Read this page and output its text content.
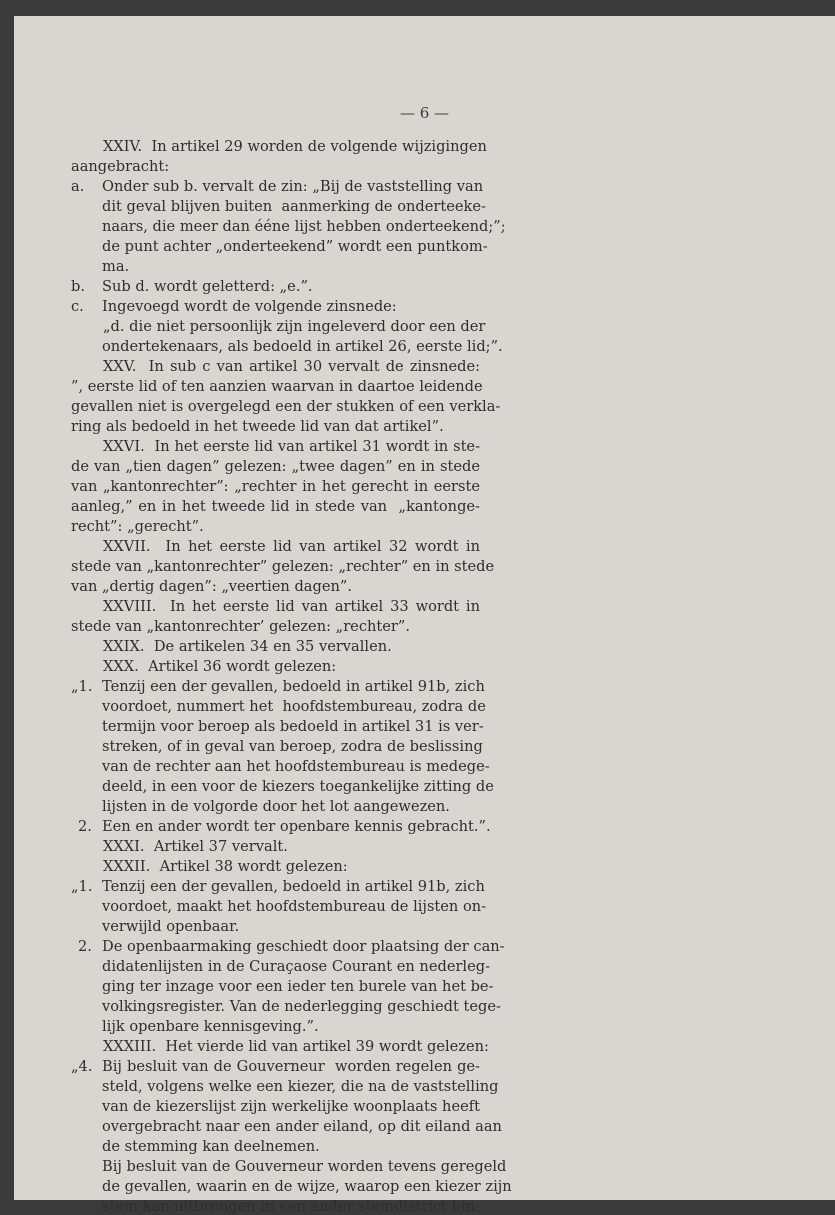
— 6 —
XXIV.  In artikel 29 worden de volgende wijzigingen
aangebracht:
a. Onder sub b. vervalt de zin: „Bij de vaststelling van
dit geval blijven buiten  aanmerking de onderteeke-
naars, die meer dan ééne lijst hebben onderteekend;”;
de punt achter „onderteekend” wordt een puntkom-
ma.
b. Sub d. wordt geletterd: „e.”.
c. Ingevoegd wordt de volgende zinsnede:
„d. die niet persoonlijk zijn ingeleverd door een der
ondertekenaars, als bedoeld in artikel 26, eerste lid;”.
XXV.  In sub c van artikel 30 vervalt de zinsnede:
”, eerste lid of ten aanzien waarvan in daartoe leidende
gevallen niet is overgelegd een der stukken of een verkla-
ring als bedoeld in het tweede lid van dat artikel”.
XXVI.  In het eerste lid van artikel 31 wordt in ste-
de van „tien dagen” gelezen: „twee dagen” en in stede
van „kantonrechter”: „rechter in het gerecht in eerste
aanleg,” en in het tweede lid in stede van  „kantonge-
recht”: „gerecht”.
XXVII.  In het eerste lid van artikel 32 wordt in
stede van „kantonrechter” gelezen: „rechter” en in stede
van „dertig dagen”: „veertien dagen”.
XXVIII.  In het eerste lid van artikel 33 wordt in
stede van „kantonrechter’ gelezen: „rechter”.
XXIX.  De artikelen 34 en 35 vervallen.
XXX.  Artikel 36 wordt gelezen:
„1. Tenzij een der gevallen, bedoeld in artikel 91b, zich
voordoet, nummert het  hoofdstembureau, zodra de
termijn voor beroep als bedoeld in artikel 31 is ver-
streken, of in geval van beroep, zodra de beslissing
van de rechter aan het hoofdstembureau is medege-
deeld, in een voor de kiezers toegankelijke zitting de
lijsten in de volgorde door het lot aangewezen.
2. Een en ander wordt ter openbare kennis gebracht.”.
XXXI.  Artikel 37 vervalt.
XXXII.  Artikel 38 wordt gelezen:
„1. Tenzij een der gevallen, bedoeld in artikel 91b, zich
voordoet, maakt het hoofdstembureau de lijsten on-
verwijld openbaar.
2. De openbaarmaking geschiedt door plaatsing der can-
didatenlijsten in de Curaçaose Courant en nederleg-
ging ter inzage voor een ieder ten burele van het be-
volkingsregister. Van de nederlegging geschiedt tege-
lijk openbare kennisgeving.”.
XXXIII.  Het vierde lid van artikel 39 wordt gelezen:
„4. Bij besluit van de Gouverneur  worden regelen ge-
steld, volgens welke een kiezer, die na de vaststelling
van de kiezerslijst zijn werkelijke woonplaats heeft
overgebracht naar een ander eiland, op dit eiland aan
de stemming kan deelnemen.
Bij besluit van de Gouverneur worden tevens geregeld
de gevallen, waarin en de wijze, waarop een kiezer zijn
stem kan uitbrengen in een ander stemdistrict bin-
